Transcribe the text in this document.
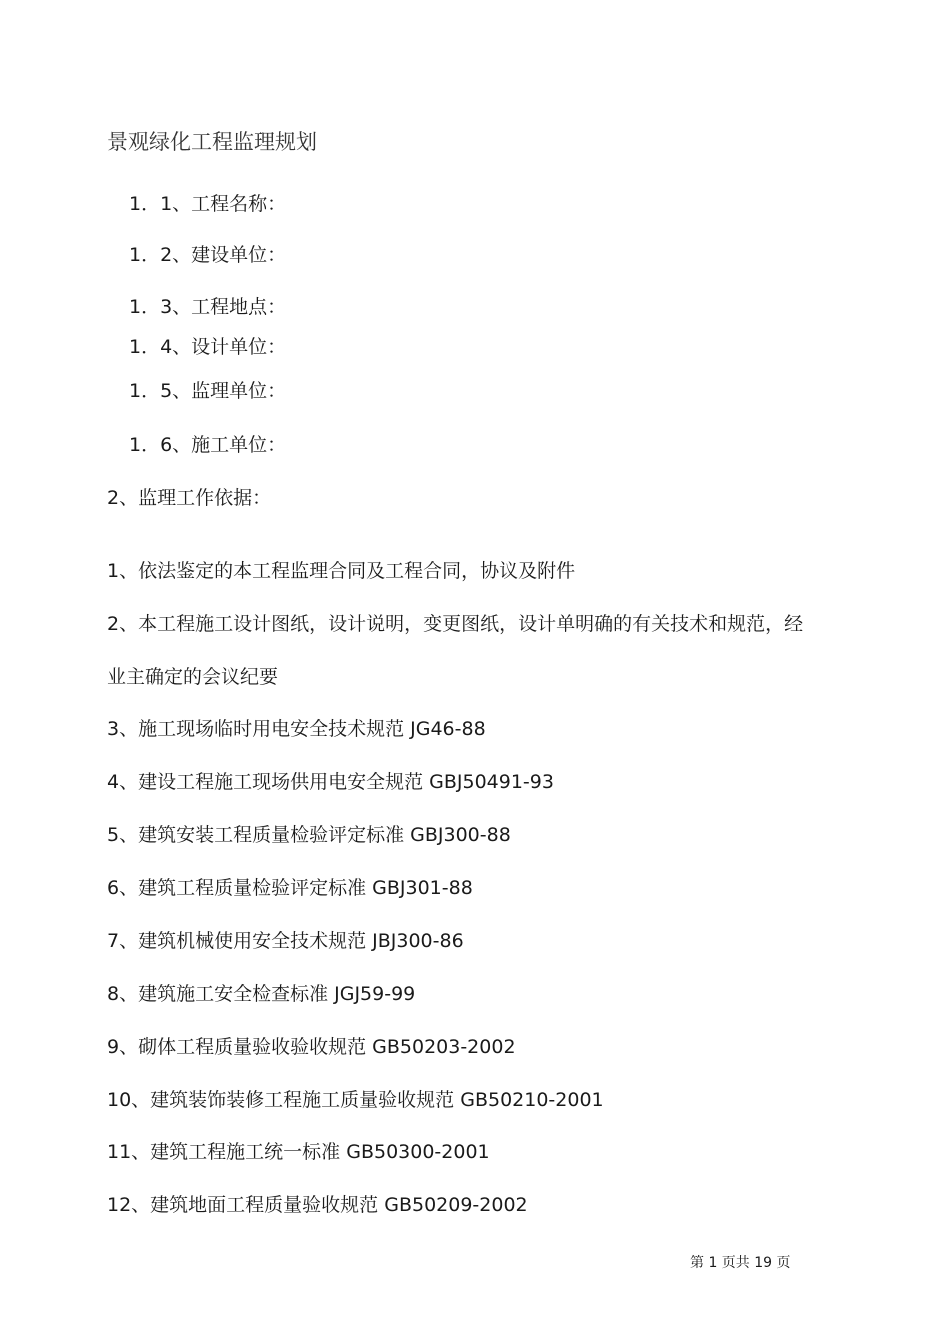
景观绿化工程监理规划
1．1、工程名称：
1．2、建设单位：
1．3、工程地点：
1．4、设计单位：
1．5、监理单位：
1．6、施工单位：
2、监理工作依据：
1、依法鉴定的本工程监理合同及工程合同，协议及附件
2、本工程施工设计图纸，设计说明，变更图纸，设计单明确的有关技术和规范，经
业主确定的会议纪要
3、施工现场临时用电安全技术规范 JG46-88
4、建设工程施工现场供用电安全规范 GBJ50491-93
5、建筑安装工程质量检验评定标准 GBJ300-88
6、建筑工程质量检验评定标准 GBJ301-88
7、建筑机械使用安全技术规范 JBJ300-86
8、建筑施工安全检查标准 JGJ59-99
9、砌体工程质量验收验收规范 GB50203-2002
10、建筑装饰装修工程施工质量验收规范 GB50210-2001
11、建筑工程施工统一标准 GB50300-2001
12、建筑地面工程质量验收规范 GB50209-2002
第 1 页共 19 页
